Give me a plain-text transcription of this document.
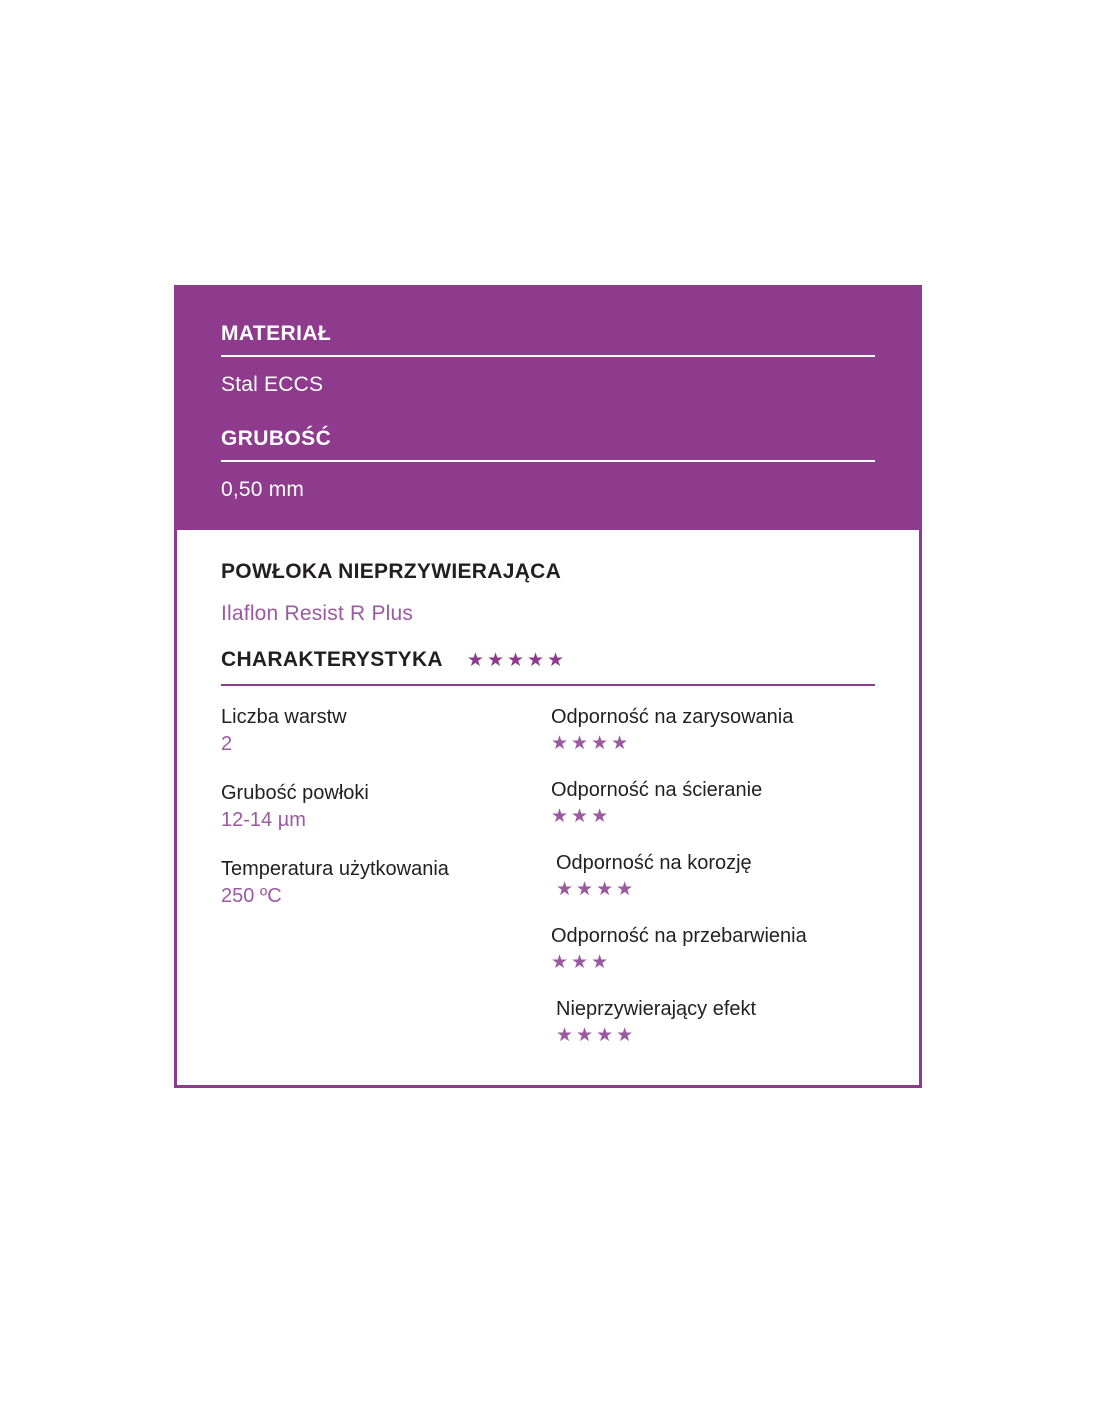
MATERIAŁ
Stal ECCS
GRUBOŚĆ
0,50 mm
POWŁOKA NIEPRZYWIERAJĄCA
Ilaflon Resist R Plus
CHARAKTERYSTYKA ★★★★★
Liczba warstw
2
Grubość powłoki
12-14 µm
Temperatura użytkowania
250 ºC
Odporność na zarysowania
★★★★
Odporność na ścieranie
★★★
Odporność na korozję
★★★★
Odporność na przebarwienia
★★★
Nieprzywierający efekt
★★★★
